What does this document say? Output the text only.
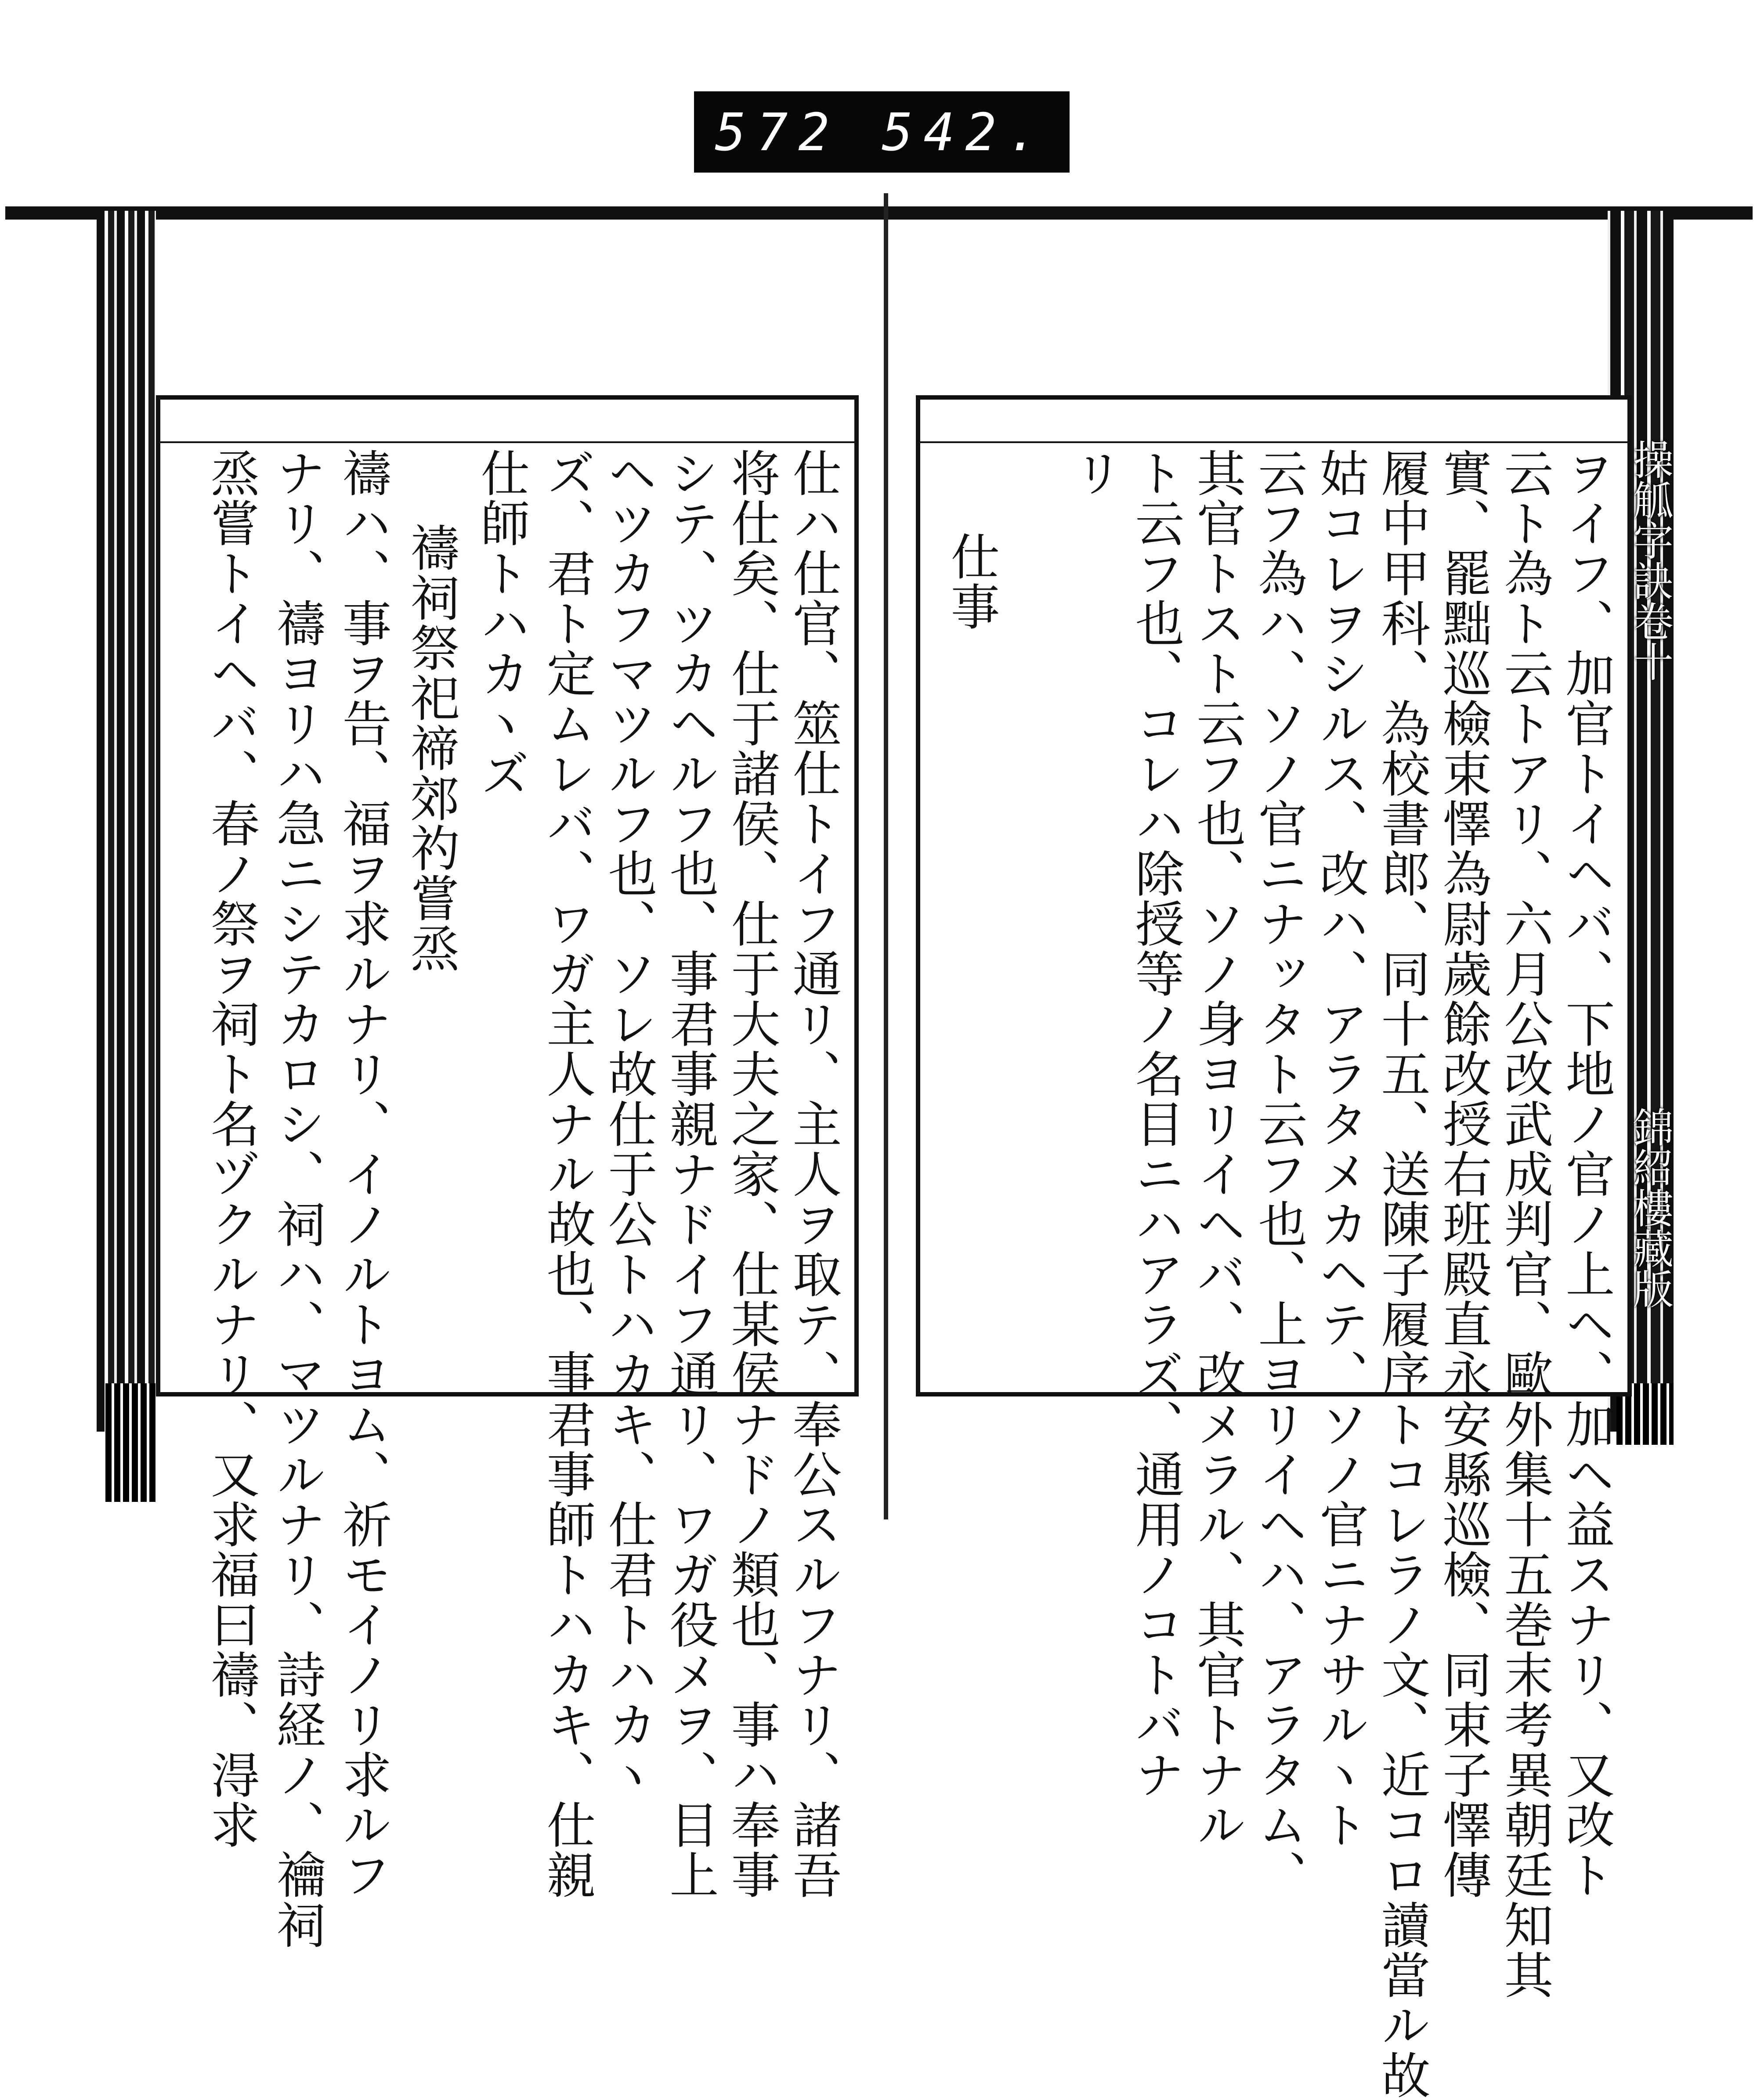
572 542.
仕ハ仕官、筮仕トイフ通リ、主人ヲ取テ、奉公スルフナリ、諸吾
将仕矣、仕于諸侯、仕于大夫之家、仕某侯ナドノ類也、事ハ奉事
シテ、ツカヘルフ也、事君事親ナドイフ通リ、ワガ役メヲ、目上
ヘツカフマツルフ也、ソレ故仕于公トハカキ、仕君トハカヽ
ズ、君ト定ムレバ、ワガ主人ナル故也、事君事師トハカキ、仕親
仕師トハカヽズ
禱祠祭祀禘郊礿嘗烝
禱ハ、事ヲ告、福ヲ求ルナリ、イノルトヨム、祈モイノリ求ルフ
ナリ、禱ヨリハ急ニシテカロシ、祠ハ、マツルナリ、詩経ノ、禴祠
烝嘗トイヘバ、春ノ祭ヲ祠ト名ヅクルナリ、又求福曰禱、淂求	ヲイフ、加官トイヘバ、下地ノ官ノ上ヘ、加ヘ益スナリ、又改ト
云ト為ト云トアリ、六月公改武成判官、歐外集十五巻末考異朝廷知其
實、罷黜巡檢束懌為尉歲餘改授右班殿直永安縣巡檢、同束子懌傳
履中甲科、為校書郎、同十五、送陳子履序トコレラノ文、近コロ讀當ル故
姑コレヲシルス、改ハ、アラタメカヘテ、ソノ官ニナサルヽト
云フ為ハ、ソノ官ニナッタト云フ也、上ヨリイヘハ、アラタム、
其官トスト云フ也、ソノ身ヨリイヘバ、改メラル、其官トナル
ト云フ也、コレハ除授等ノ名目ニハアラズ、通用ノコトバナ
リ
仕事	操觚字訣卷十
錦紹樓藏版
